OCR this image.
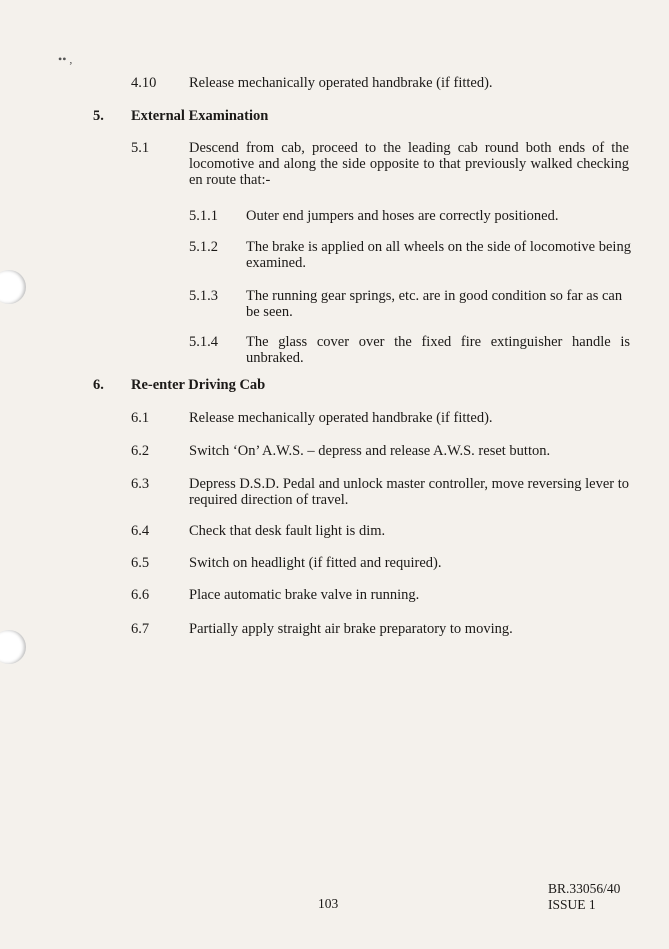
•• ,
4.10 Release mechanically operated handbrake (if fitted).
5. External Examination
5.1	Descend from cab, proceed to the leading cab round both ends of the locomotive and along the side opposite to that previously walked checking en route that:-
5.1.1 Outer end jumpers and hoses are correctly positioned.
5.1.2 The brake is applied on all wheels on the side of locomotive being examined.
5.1.3 The running gear springs, etc. are in good condition so far as can be seen.
5.1.4 The glass cover over the fixed fire extinguisher handle is unbraked.
6. Re-enter Driving Cab
6.1	Release mechanically operated handbrake (if fitted).
6.2	Switch ‘On’ A.W.S. – depress and release A.W.S. reset button.
6.3	Depress D.S.D. Pedal and unlock master controller, move reversing lever to required direction of travel.
6.4	Check that desk fault light is dim.
6.5	Switch on headlight (if fitted and required).
6.6	Place automatic brake valve in running.
6.7	Partially apply straight air brake preparatory to moving.
103
BR.33056/40
ISSUE 1
